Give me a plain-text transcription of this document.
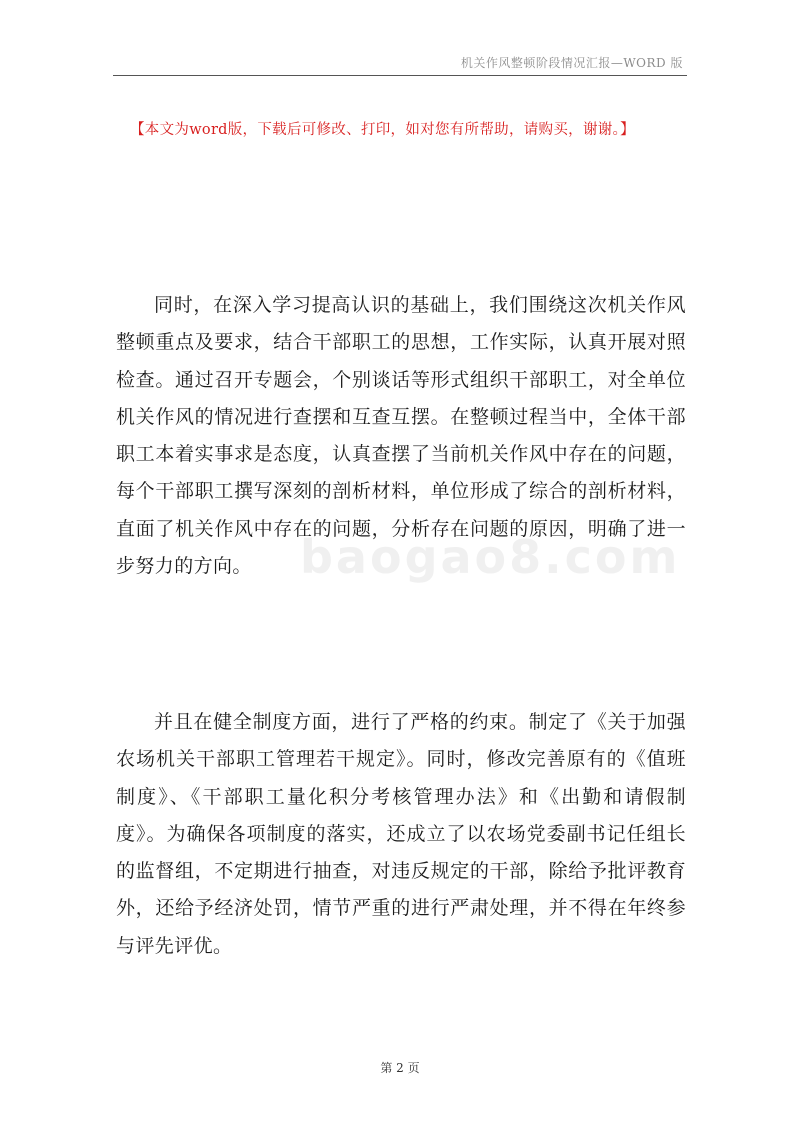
机关作风整顿阶段情况汇报—WORD 版
【本文为word版，下载后可修改、打印，如对您有所帮助，请购买，谢谢。】

同时，在深入学习提高认识的基础上，我们围绕这次机关作风整顿重点及要求，结合干部职工的思想，工作实际，认真开展对照检查。通过召开专题会，个别谈话等形式组织干部职工，对全单位机关作风的情况进行查摆和互查互摆。在整顿过程当中，全体干部职工本着实事求是态度，认真查摆了当前机关作风中存在的问题，每个干部职工撰写深刻的剖析材料，单位形成了综合的剖析材料，直面了机关作风中存在的问题，分析存在问题的原因，明确了进一步努力的方向。	baogao8.com

并且在健全制度方面，进行了严格的约束。制定了《关于加强农场机关干部职工管理若干规定》。同时，修改完善原有的《值班制度》、《干部职工量化积分考核管理办法》和《出勤和请假制度》。为确保各项制度的落实，还成立了以农场党委副书记任组长的监督组，不定期进行抽查，对违反规定的干部，除给予批评教育外，还给予经济处罚，情节严重的进行严肃处理，并不得在年终参与评先评优。

第 2 页
